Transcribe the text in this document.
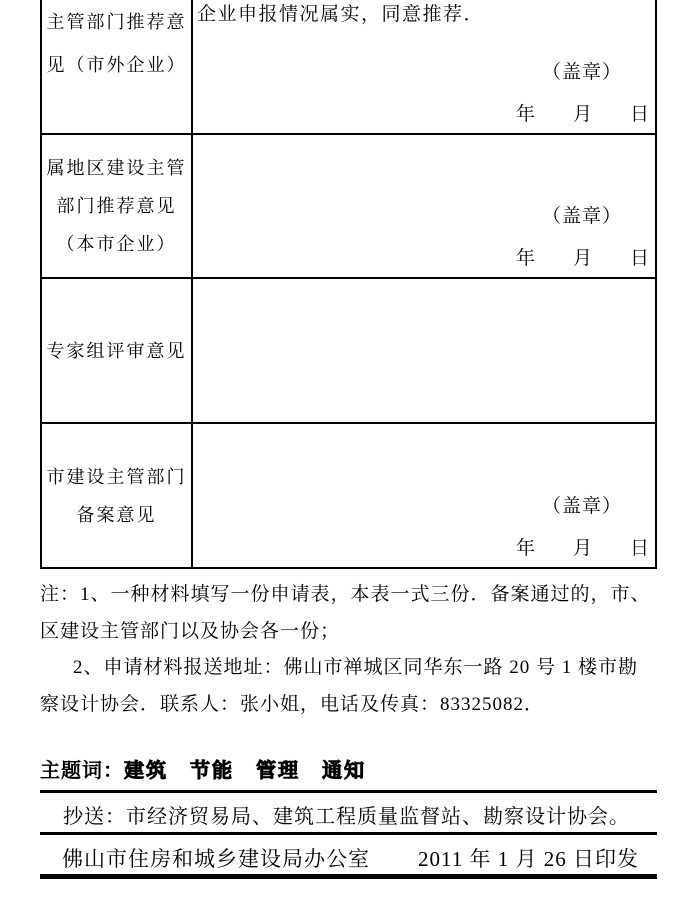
主管部门推荐意
见（市外企业）
企业申报情况属实，同意推荐．
（盖章）
年　　月　　日
属地区建设主管
部门推荐意见
（本市企业）
（盖章）
年　　月　　日
专家组评审意见
市建设主管部门
备案意见	（盖章）
年　　月　　日
注：1、一种材料填写一份申请表，本表一式三份．备案通过的，市、
区建设主管部门以及协会各一份；
2、申请材料报送地址：佛山市禅城区同华东一路 20 号 1 楼市勘
察设计协会．联系人：张小姐，电话及传真：83325082．
主题词：建筑　节能　管理　通知
抄送：市经济贸易局、建筑工程质量监督站、勘察设计协会。
佛山市住房和城乡建设局办公室 2011 年 1 月 26 日印发
